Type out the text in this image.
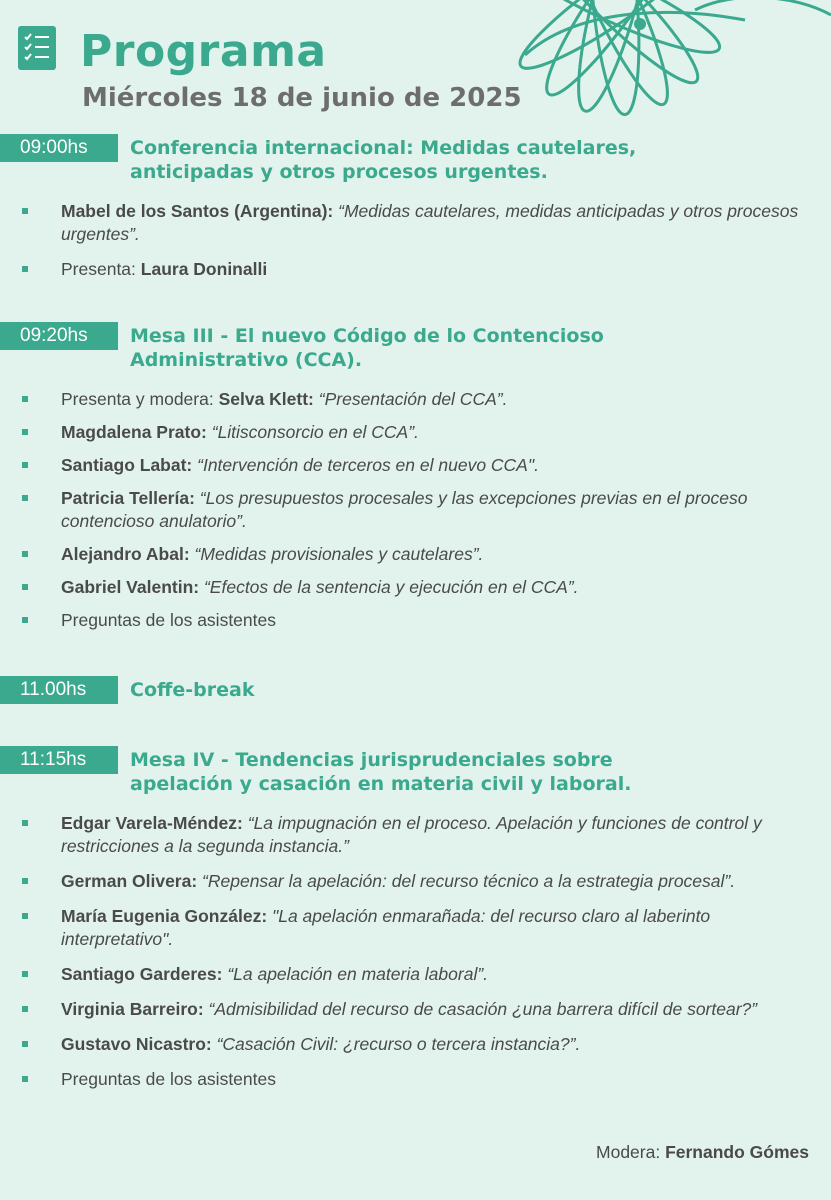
Programa
Miércoles 18 de junio de 2025
09:00hs	Conferencia internacional: Medidas cautelares, anticipadas y otros procesos urgentes.
Mabel de los Santos (Argentina): “Medidas cautelares, medidas anticipadas y otros procesos urgentes”.
Presenta: Laura Doninalli
09:20hs	Mesa III - El nuevo Código de lo Contencioso Administrativo (CCA).
Presenta y modera: Selva Klett: “Presentación del CCA”.
Magdalena Prato: “Litisconsorcio en el CCA”.
Santiago Labat: “Intervención de terceros en el nuevo CCA".
Patricia Tellería: “Los presupuestos procesales y las excepciones previas en el proceso contencioso anulatorio”.
Alejandro Abal: “Medidas provisionales y cautelares”.
Gabriel Valentin: “Efectos de la sentencia y ejecución en el CCA”.
Preguntas de los asistentes
11.00hs	Coffe-break
11:15hs	Mesa IV - Tendencias jurisprudenciales sobre apelación y casación en materia civil y laboral.
Edgar Varela-Méndez: “La impugnación en el proceso. Apelación y funciones de control y restricciones a la segunda instancia.”
German Olivera: “Repensar la apelación: del recurso técnico a la estrategia procesal”.
María Eugenia González: "La apelación enmarañada: del recurso claro al laberinto interpretativo".
Santiago Garderes: “La apelación en materia laboral”.
Virginia Barreiro: “Admisibilidad del recurso de casación ¿una barrera difícil de sortear?”
Gustavo Nicastro: “Casación Civil: ¿recurso o tercera instancia?”.
Preguntas de los asistentes
Modera: Fernando Gómes
